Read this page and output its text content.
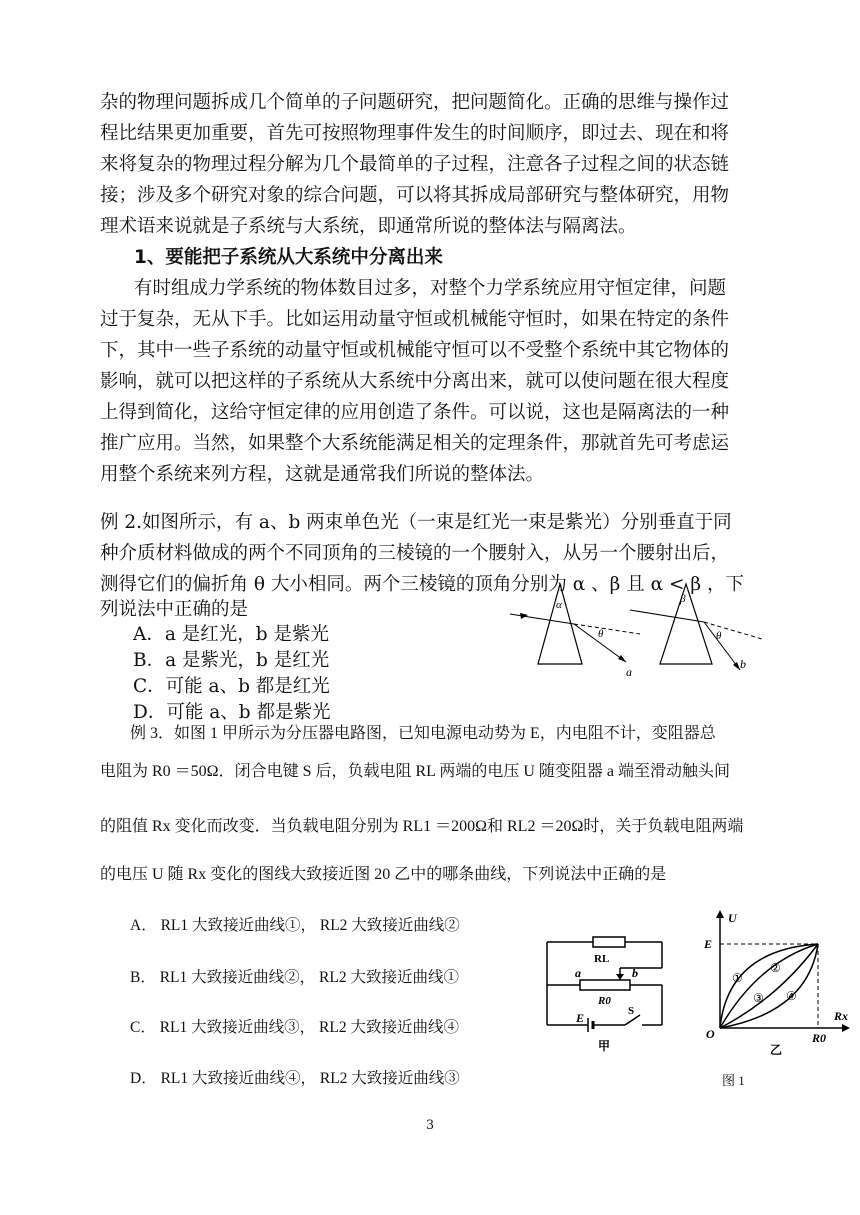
杂的物理问题拆成几个简单的子问题研究，把问题简化。正确的思维与操作过

程比结果更加重要，首先可按照物理事件发生的时间顺序，即过去、现在和将

来将复杂的物理过程分解为几个最简单的子过程，注意各子过程之间的状态链

接；涉及多个研究对象的综合问题，可以将其拆成局部研究与整体研究，用物

理术语来说就是子系统与大系统，即通常所说的整体法与隔离法。

1、要能把子系统从大系统中分离出来

有时组成力学系统的物体数目过多，对整个力学系统应用守恒定律，问题

过于复杂，无从下手。比如运用动量守恒或机械能守恒时，如果在特定的条件

下，其中一些子系统的动量守恒或机械能守恒可以不受整个系统中其它物体的

影响，就可以把这样的子系统从大系统中分离出来，就可以使问题在很大程度

上得到简化，这给守恒定律的应用创造了条件。可以说，这也是隔离法的一种

推广应用。当然，如果整个大系统能满足相关的定理条件，那就首先可考虑运

用整个系统来列方程，这就是通常我们所说的整体法。

例 2.如图所示，有 a、b 两束单色光（一束是红光一束是紫光）分别垂直于同

种介质材料做成的两个不同顶角的三棱镜的一个腰射入，从另一个腰射出后，

测得它们的偏折角 θ 大小相同。两个三棱镜的顶角分别为 α 、β 且 α < β ，下

列说法中正确的是

A．a 是红光，b 是紫光
B．a 是紫光，b 是红光
C．可能 a、b 都是红光
D．可能 a、b 都是紫光
α
θ
a
β
θ
b
例 3．如图 1 甲所示为分压器电路图，已知电源电动势为 E，内电阻不计，变阻器总
电阻为 R0 ＝50Ω．闭合电键 S 后，负载电阻 RL 两端的电压 U 随变阻器 a 端至滑动触头间
的阻值 Rx 变化而改变．当负载电阻分别为 RL1 ＝200Ω和 RL2 ＝20Ω时，关于负载电阻两端
的电压 U 随 Rx 变化的图线大致接近图 20 乙中的哪条曲线，下列说法中正确的是
A． RL1 大致接近曲线①， RL2 大致接近曲线②
B． RL1 大致接近曲线②， RL2 大致接近曲线①
C． RL1 大致接近曲线③， RL2 大致接近曲线④
D． RL1 大致接近曲线④， RL2 大致接近曲线③
RL
a	b
R0
E	S
甲
U
E
O
Rx
R0
①
②
③ ④
乙
图 1
3
